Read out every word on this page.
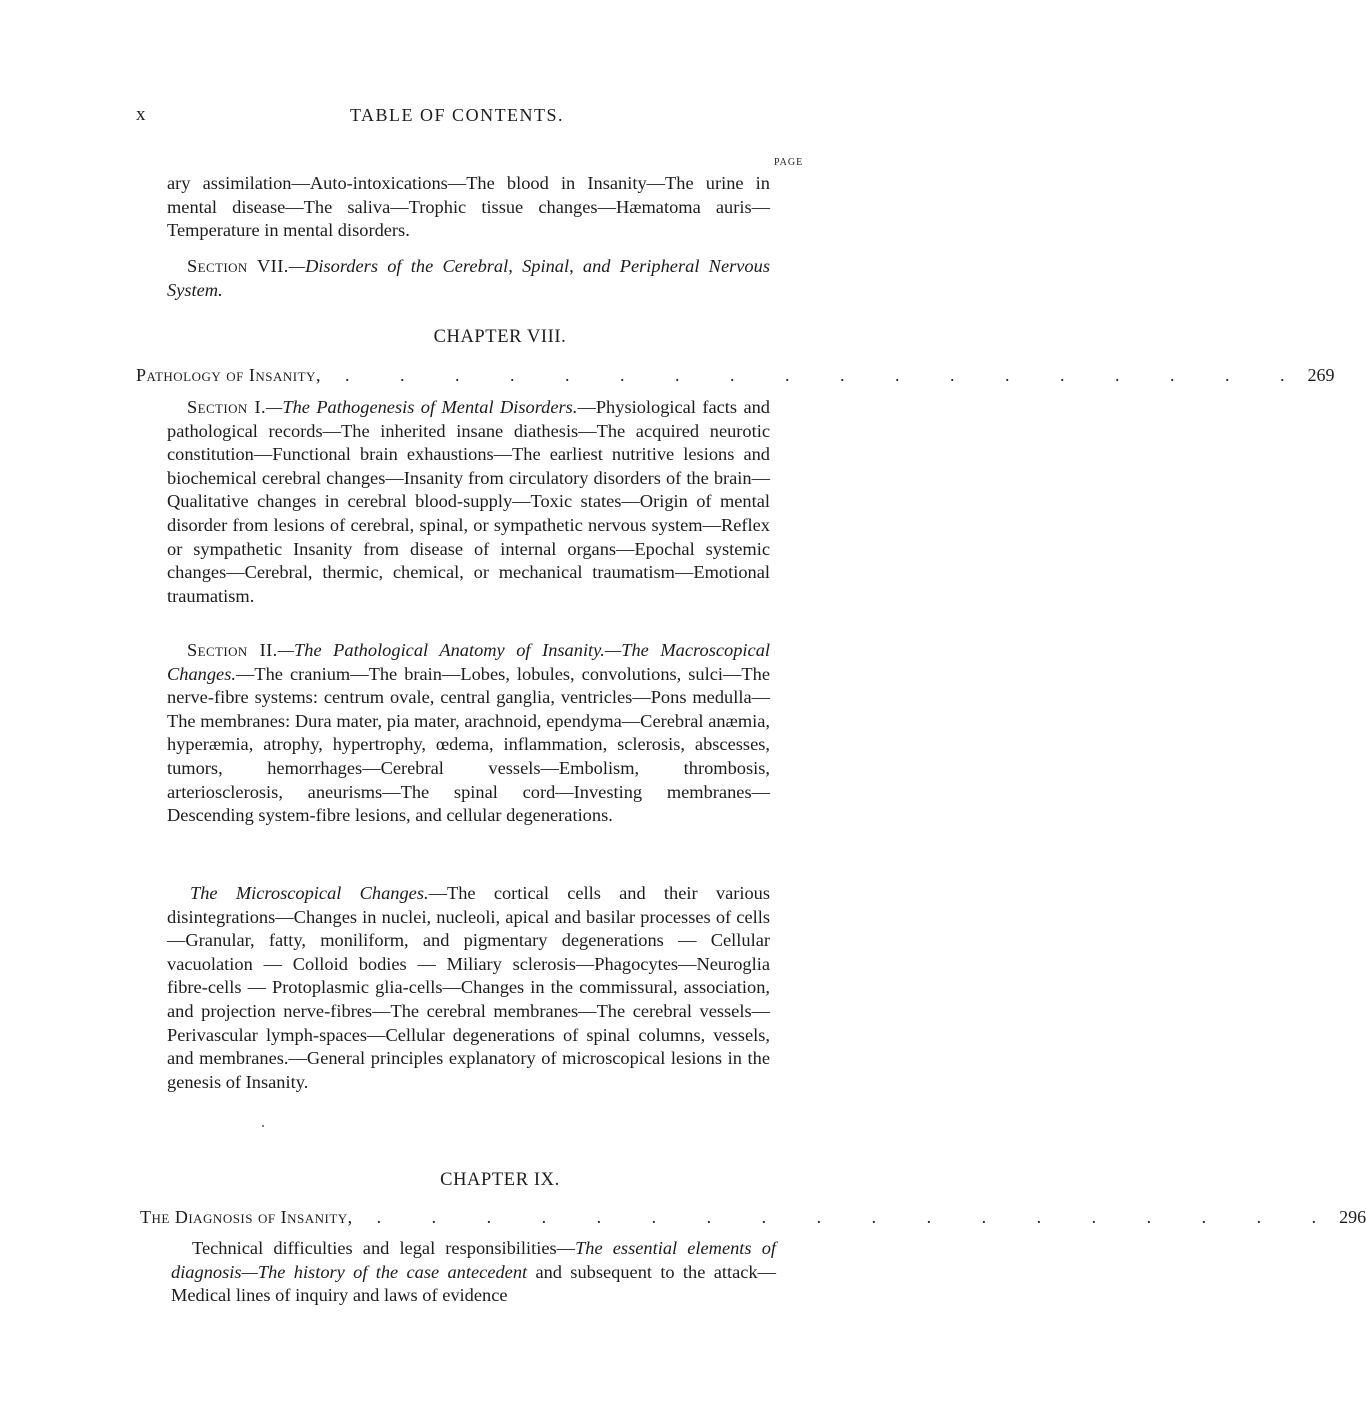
x	TABLE OF CONTENTS.
PAGE
ary assimilation—Auto-intoxications—The blood in Insanity—The urine in mental disease—The saliva—Trophic tissue changes—Hæmatoma auris—Temperature in mental disorders.
Section VII.—Disorders of the Cerebral, Spinal, and Peripheral Nervous System.
CHAPTER VIII.
Pathology of Insanity,	. . . . . . . . . . . . . . . . . . 269
Section I.—The Pathogenesis of Mental Disorders.—Physiological facts and pathological records—The inherited insane diathesis—The acquired neurotic constitution—Functional brain exhaustions—The earliest nutritive lesions and biochemical cerebral changes—Insanity from circulatory disorders of the brain—Qualitative changes in cerebral blood-supply—Toxic states—Origin of mental disorder from lesions of cerebral, spinal, or sympathetic nervous system—Reflex or sympathetic Insanity from disease of internal organs—Epochal systemic changes—Cerebral, thermic, chemical, or mechanical traumatism—Emotional traumatism.
Section II.—The Pathological Anatomy of Insanity.—The Macroscopical Changes.—The cranium—The brain—Lobes, lobules, convolutions, sulci—The nerve-fibre systems: centrum ovale, central ganglia, ventricles—Pons medulla—The membranes: Dura mater, pia mater, arachnoid, ependyma—Cerebral anæmia, hyperæmia, atrophy, hypertrophy, œdema, inflammation, sclerosis, abscesses, tumors, hemorrhages—Cerebral vessels—Embolism, thrombosis, arteriosclerosis, aneurisms—The spinal cord—Investing membranes—Descending system-fibre lesions, and cellular degenerations.
The Microscopical Changes.—The cortical cells and their various disintegrations—Changes in nuclei, nucleoli, apical and basilar processes of cells—Granular, fatty, moniliform, and pigmentary degenerations — Cellular vacuolation — Colloid bodies — Miliary sclerosis—Phagocytes—Neuroglia fibre-cells — Protoplasmic glia-cells—Changes in the commissural, association, and projection nerve-fibres—The cerebral membranes—The cerebral vessels—Perivascular lymph-spaces—Cellular degenerations of spinal columns, vessels, and membranes.—General principles explanatory of microscopical lesions in the genesis of Insanity.
CHAPTER IX.
The Diagnosis of Insanity,	. . . . . . . . . . . . . . . . . . 296
Technical difficulties and legal responsibilities—The essential elements of diagnosis—The history of the case antecedent and subsequent to the attack—Medical lines of inquiry and laws of evidence
